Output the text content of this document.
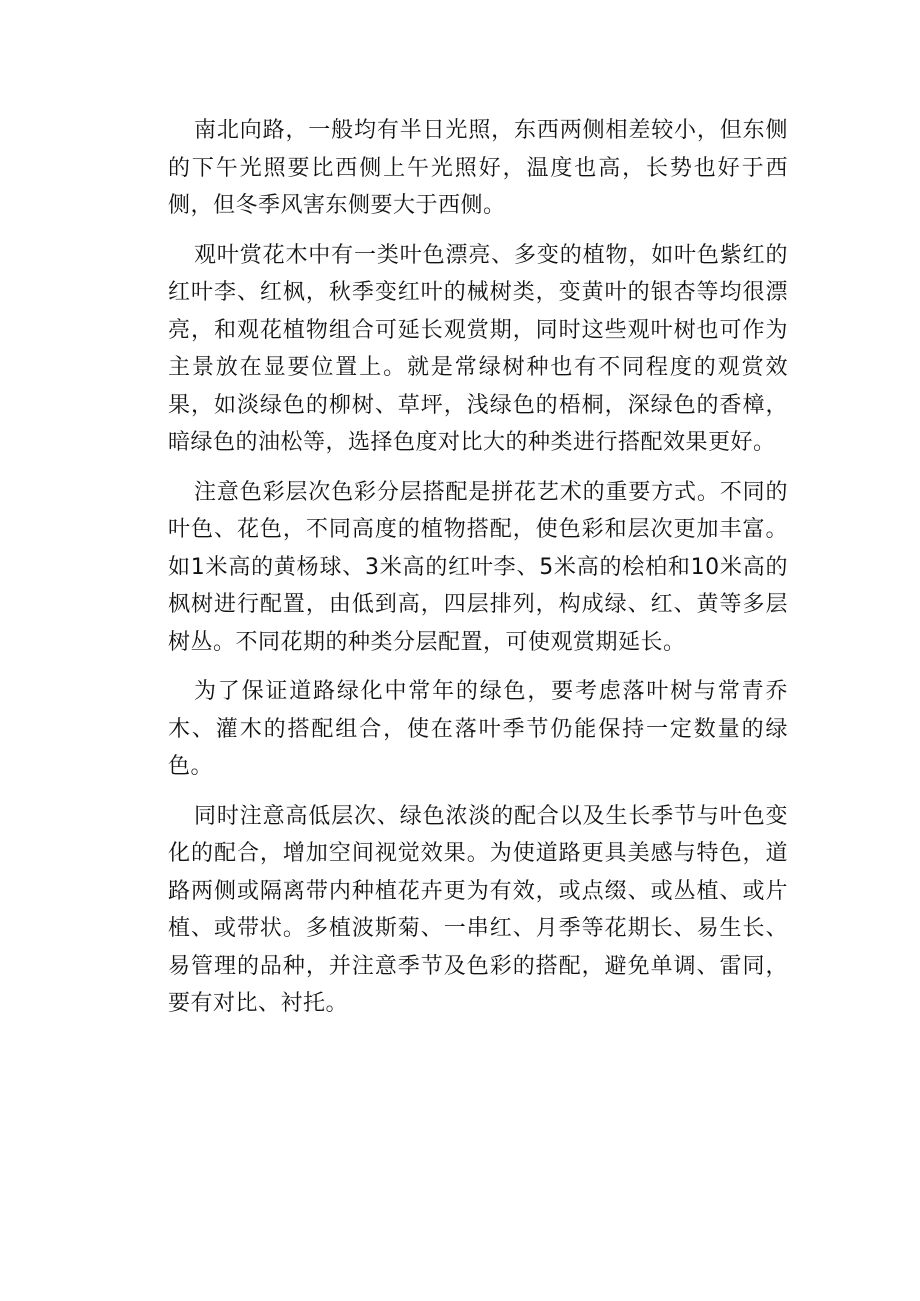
南北向路，一般均有半日光照，东西两侧相差较小，但东侧的下午光照要比西侧上午光照好，温度也高，长势也好于西侧，但冬季风害东侧要大于西侧。

观叶赏花木中有一类叶色漂亮、多变的植物，如叶色紫红的红叶李、红枫，秋季变红叶的械树类，变黄叶的银杏等均很漂亮，和观花植物组合可延长观赏期，同时这些观叶树也可作为主景放在显要位置上。就是常绿树种也有不同程度的观赏效果，如淡绿色的柳树、草坪，浅绿色的梧桐，深绿色的香樟，暗绿色的油松等，选择色度对比大的种类进行搭配效果更好。

注意色彩层次色彩分层搭配是拼花艺术的重要方式。不同的叶色、花色，不同高度的植物搭配，使色彩和层次更加丰富。如1米高的黄杨球、3米高的红叶李、5米高的桧柏和10米高的枫树进行配置，由低到高，四层排列，构成绿、红、黄等多层树丛。不同花期的种类分层配置，可使观赏期延长。

为了保证道路绿化中常年的绿色，要考虑落叶树与常青乔木、灌木的搭配组合，使在落叶季节仍能保持一定数量的绿色。

同时注意高低层次、绿色浓淡的配合以及生长季节与叶色变化的配合，增加空间视觉效果。为使道路更具美感与特色，道路两侧或隔离带内种植花卉更为有效，或点缀、或丛植、或片植、或带状。多植波斯菊、一串红、月季等花期长、易生长、易管理的品种，并注意季节及色彩的搭配，避免单调、雷同，要有对比、衬托。
